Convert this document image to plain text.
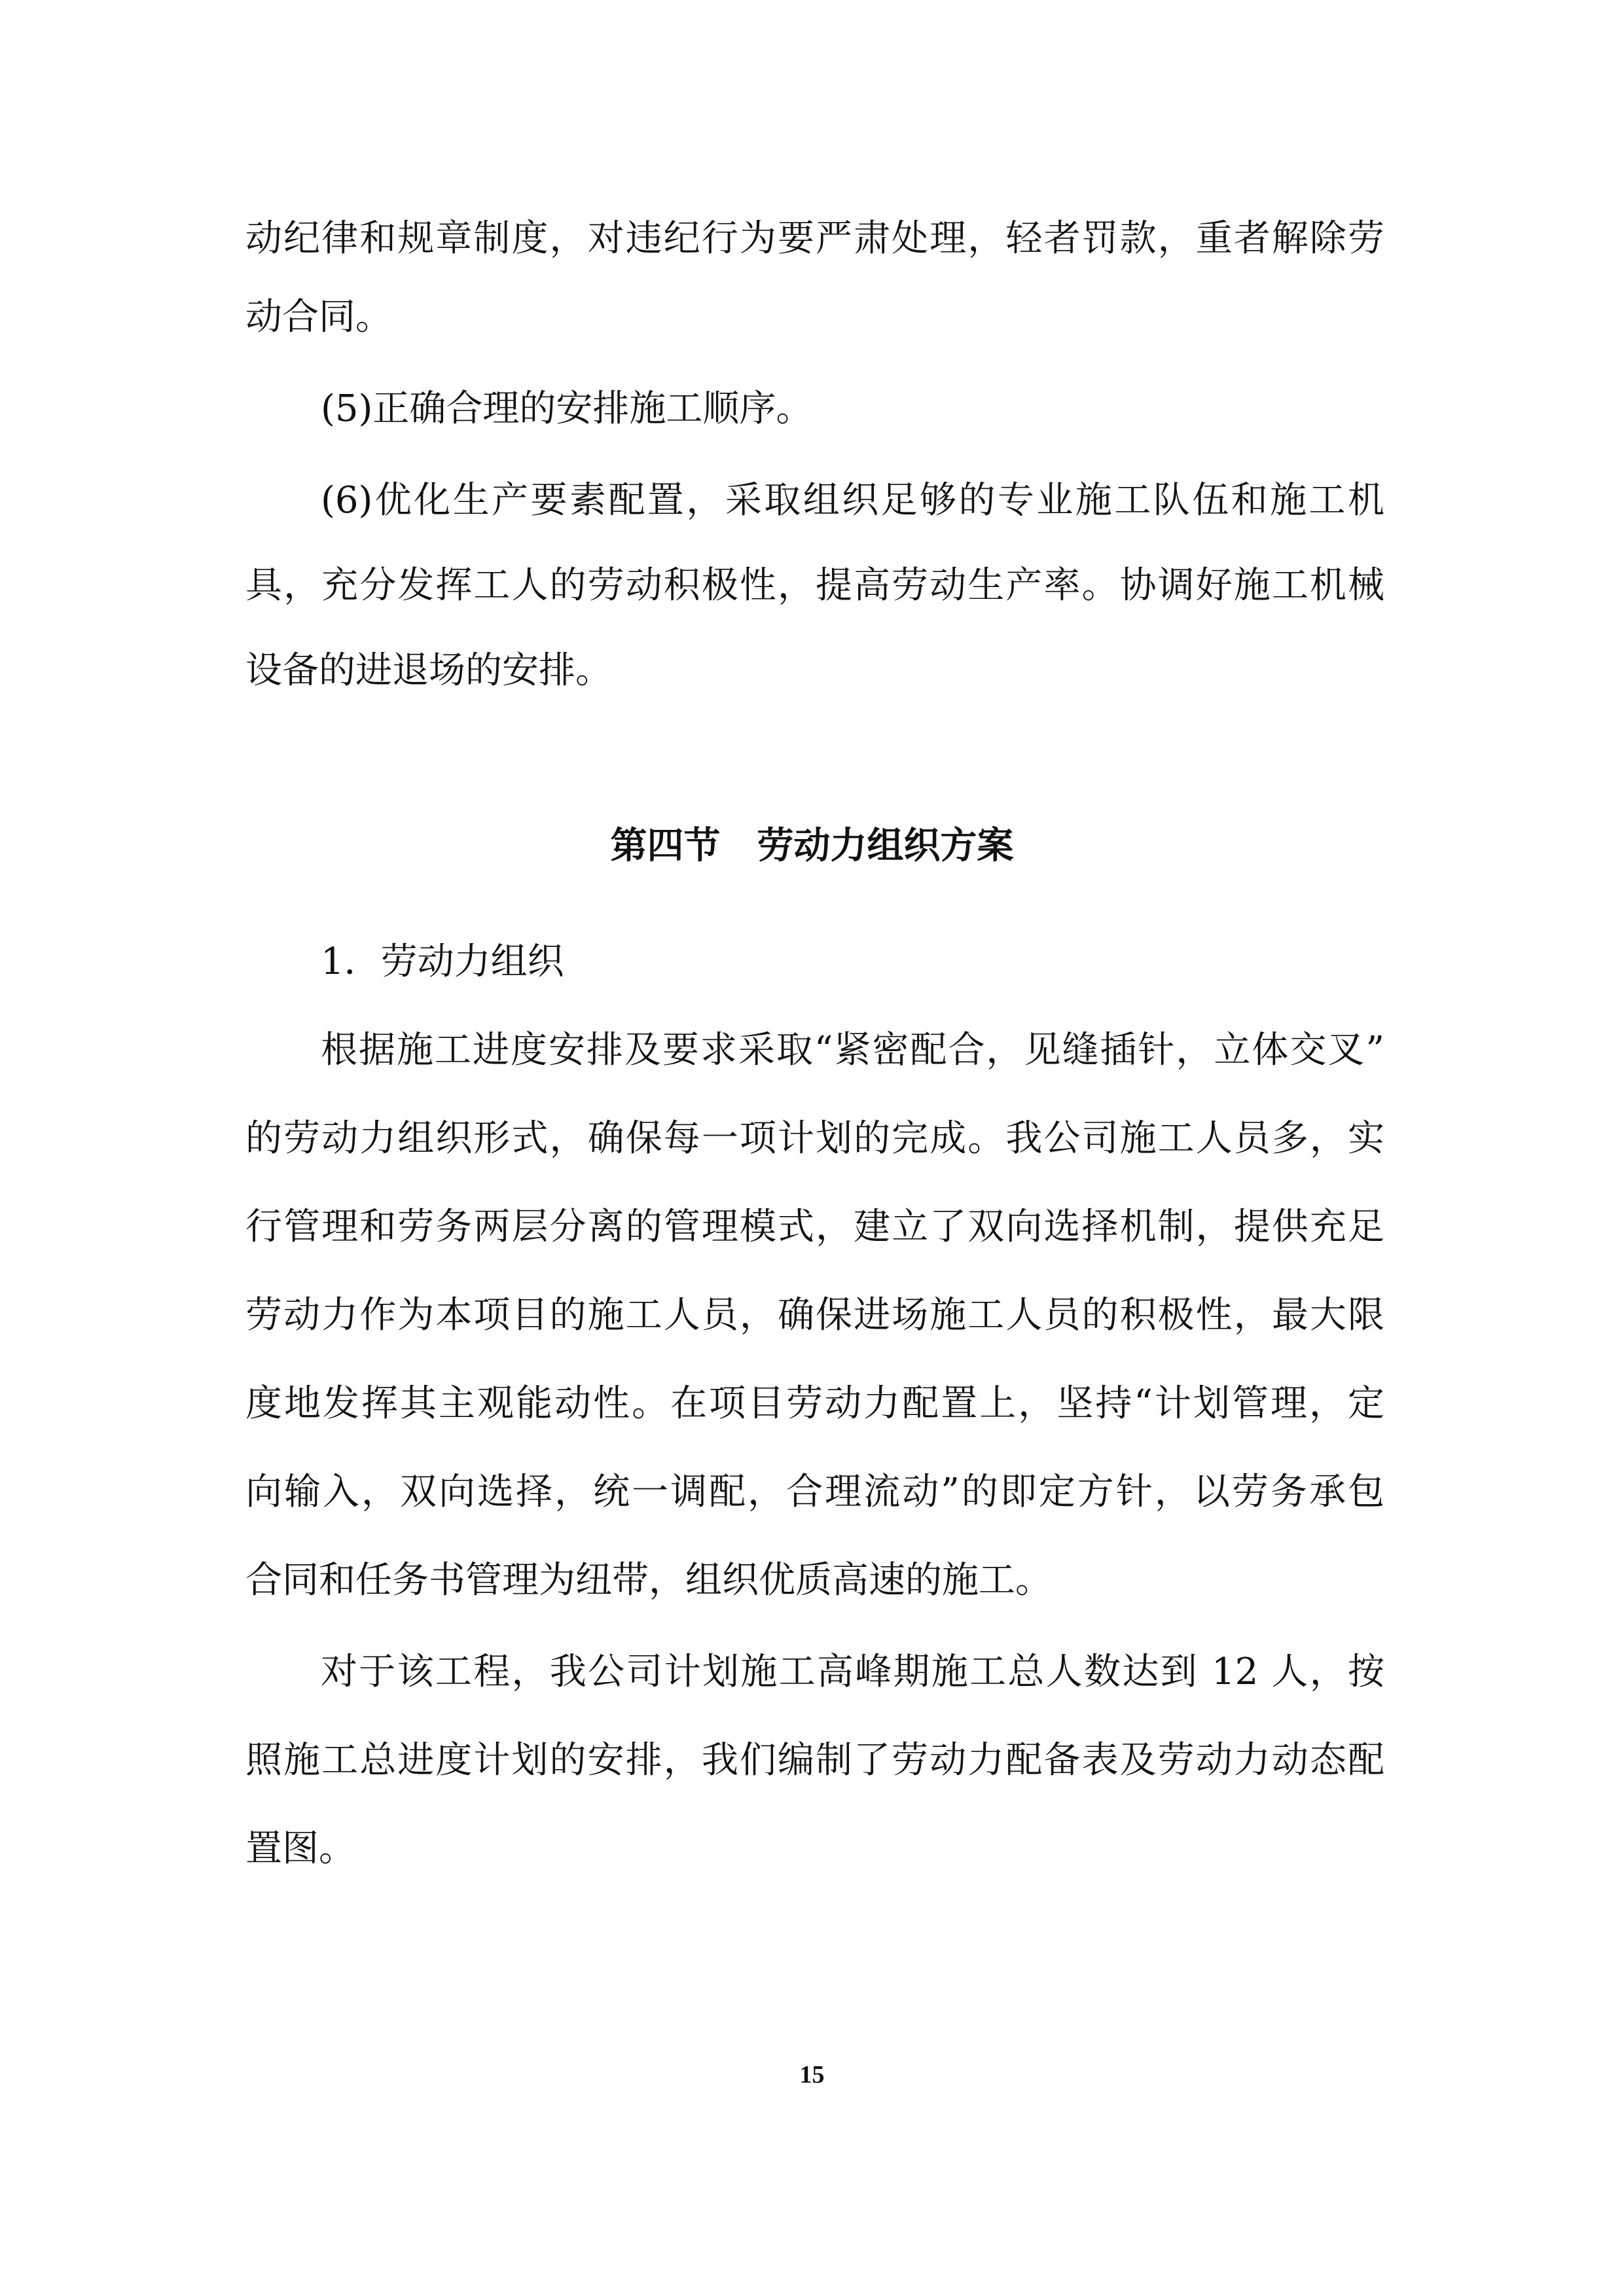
动纪律和规章制度，对违纪行为要严肃处理，轻者罚款，重者解除劳
动合同。
(5)正确合理的安排施工顺序。
(6)优化生产要素配置，采取组织足够的专业施工队伍和施工机
具，充分发挥工人的劳动积极性，提高劳动生产率。协调好施工机械
设备的进退场的安排。
第四节　劳动力组织方案
1．劳动力组织
根据施工进度安排及要求采取“紧密配合，见缝插针，立体交叉”
的劳动力组织形式，确保每一项计划的完成。我公司施工人员多，实
行管理和劳务两层分离的管理模式，建立了双向选择机制，提供充足
劳动力作为本项目的施工人员，确保进场施工人员的积极性，最大限
度地发挥其主观能动性。在项目劳动力配置上，坚持“计划管理，定
向输入，双向选择，统一调配，合理流动”的即定方针，以劳务承包
合同和任务书管理为纽带，组织优质高速的施工。
对于该工程，我公司计划施工高峰期施工总人数达到 12 人，按
照施工总进度计划的安排，我们编制了劳动力配备表及劳动力动态配
置图。
15
